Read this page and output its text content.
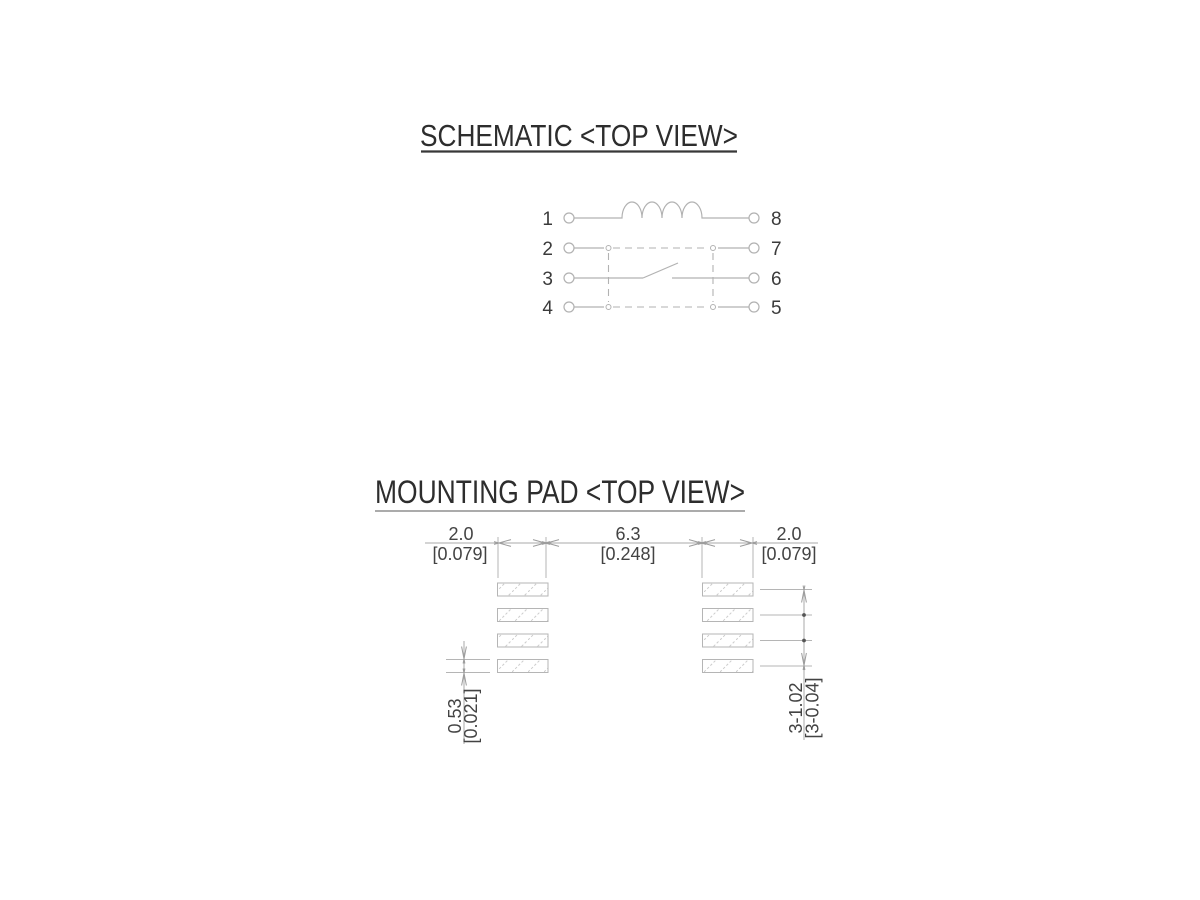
SCHEMATIC <TOP VIEW>
1
2
3
4
8
7
6
5
MOUNTING PAD <TOP VIEW>
2.0
[0.079]
6.3
[0.248]
2.0
[0.079]
0.53
[0.021]	3-1.02
[3-0.04]
